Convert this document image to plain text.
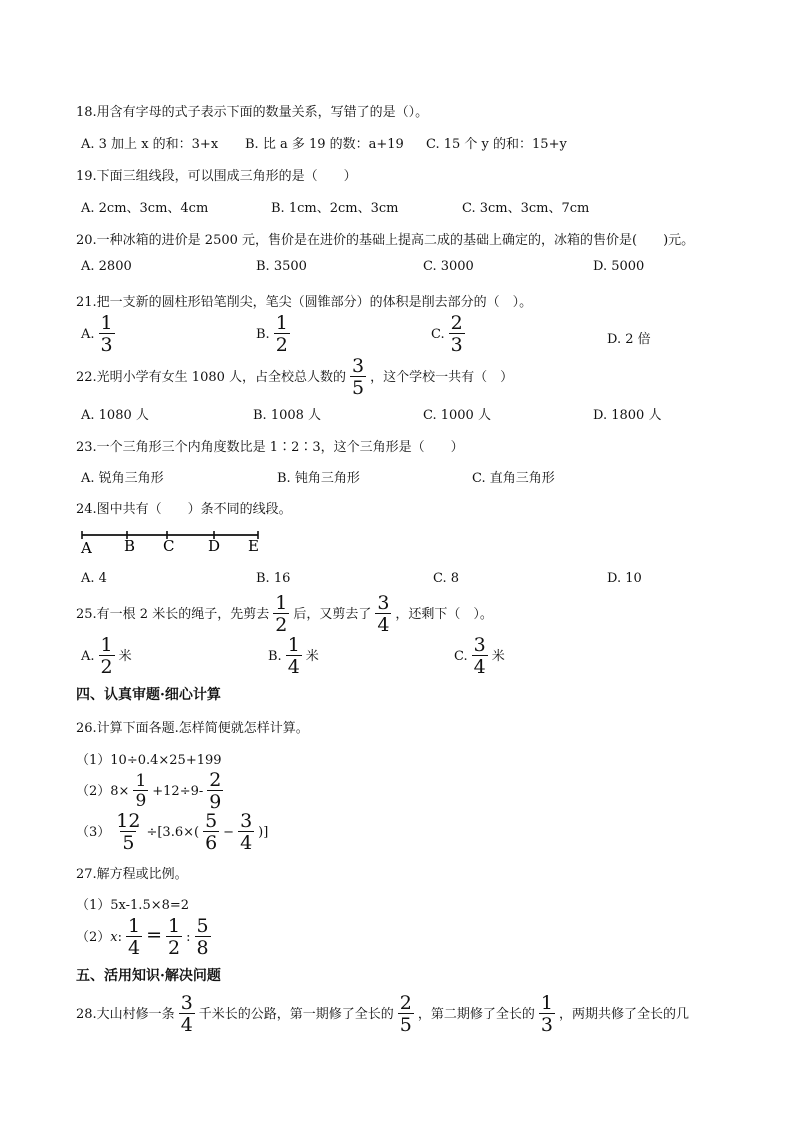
18.用含有字母的式子表示下面的数量关系，写错了的是（）。
A. 3 加上 x 的和：3+x B. 比 a 多 19 的数：a+19 C. 15 个 y 的和：15+y
19.下面三组线段，可以围成三角形的是（　　）
A. 2cm、3cm、4cm	B. 1cm、2cm、3cm	C. 3cm、3cm、7cm
20.一种冰箱的进价是 2500 元，售价是在进价的基础上提高二成的基础上确定的，冰箱的售价是(　　)元。
A. 2800	B. 3500	C. 3000	D. 5000
21.把一支新的圆柱形铅笔削尖，笔尖（圆锥部分）的体积是削去部分的（　）。
A. $\frac{1}{3}$	B. $\frac{1}{2}$	C. $\frac{2}{3}$	D. 2 倍
22.光明小学有女生 1080 人，占全校总人数的 $\frac{3}{5}$ ，这个学校一共有（　）
A. 1080 人	B. 1008 人	C. 1000 人	D. 1800 人
23.一个三角形三个内角度数比是 1∶2∶3，这个三角形是（　　）
A. 锐角三角形	B. 钝角三角形	C. 直角三角形
24.图中共有（　　）条不同的线段。
A B C D E
A. 4	B. 16	C. 8	D. 10
25.有一根 2 米长的绳子，先剪去 $\frac{1}{2}$ 后，又剪去了 $\frac{3}{4}$ ，还剩下（　）。
A. $\frac{1}{2}$ 米	B. $\frac{1}{4}$ 米	C. $\frac{3}{4}$ 米
四、认真审题·细心计算
26.计算下面各题.怎样简便就怎样计算。
（1）10÷0.4×25+199
$(2)8\times \frac{1}{9} +12\div 9- \frac{2}{9}$
$(3) \frac{12}{5} \div[3.6\times( \frac{5}{6} - \frac{3}{4}$ )]
27.解方程或比例。
（1）5x-1.5×8=2
（2）x: $\frac{1}{4} = \frac{1}{2}$ : $\frac{5}{8}$
五、活用知识·解决问题
28.大山村修一条 $\frac{3}{4}$ 千米长的公路，第一期修了全长的 $\frac{2}{5}$ ，第二期修了全长的 $\frac{1}{3}$ ，两期共修了全长的几
